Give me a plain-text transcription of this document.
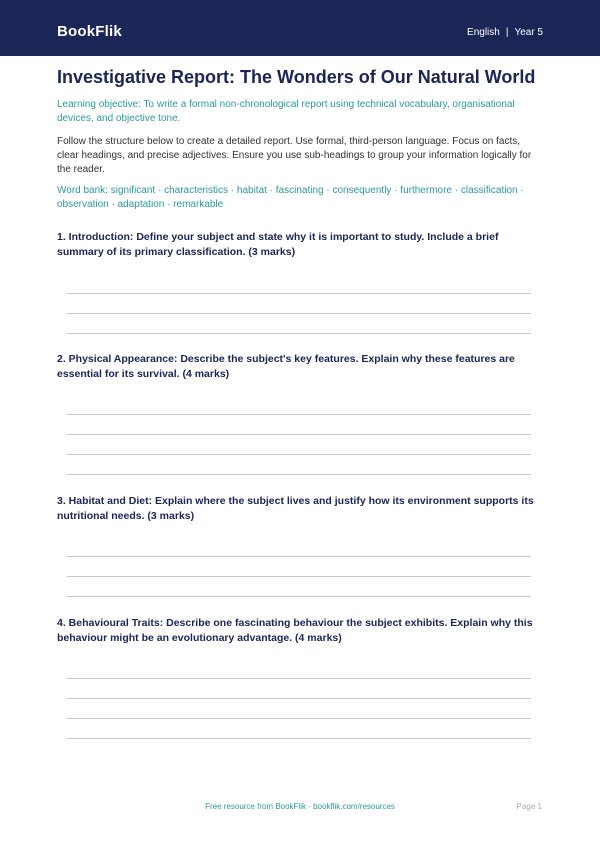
BookFlik	English | Year 5
Investigative Report: The Wonders of Our Natural World

Learning objective: To write a formal non-chronological report using technical vocabulary, organisational devices, and objective tone.

Follow the structure below to create a detailed report. Use formal, third-person language. Focus on facts, clear headings, and precise adjectives. Ensure you use sub-headings to group your information logically for the reader.

Word bank: significant · characteristics · habitat · fascinating · consequently · furthermore · classification · observation · adaptation · remarkable

1. Introduction: Define your subject and state why it is important to study. Include a brief summary of its primary classification. (3 marks)

2. Physical Appearance: Describe the subject's key features. Explain why these features are essential for its survival. (4 marks)

3. Habitat and Diet: Explain where the subject lives and justify how its environment supports its nutritional needs. (3 marks)

4. Behavioural Traits: Describe one fascinating behaviour the subject exhibits. Explain why this behaviour might be an evolutionary advantage. (4 marks)

Free resource from BookFlik · bookflik.com/resources	Page 1
